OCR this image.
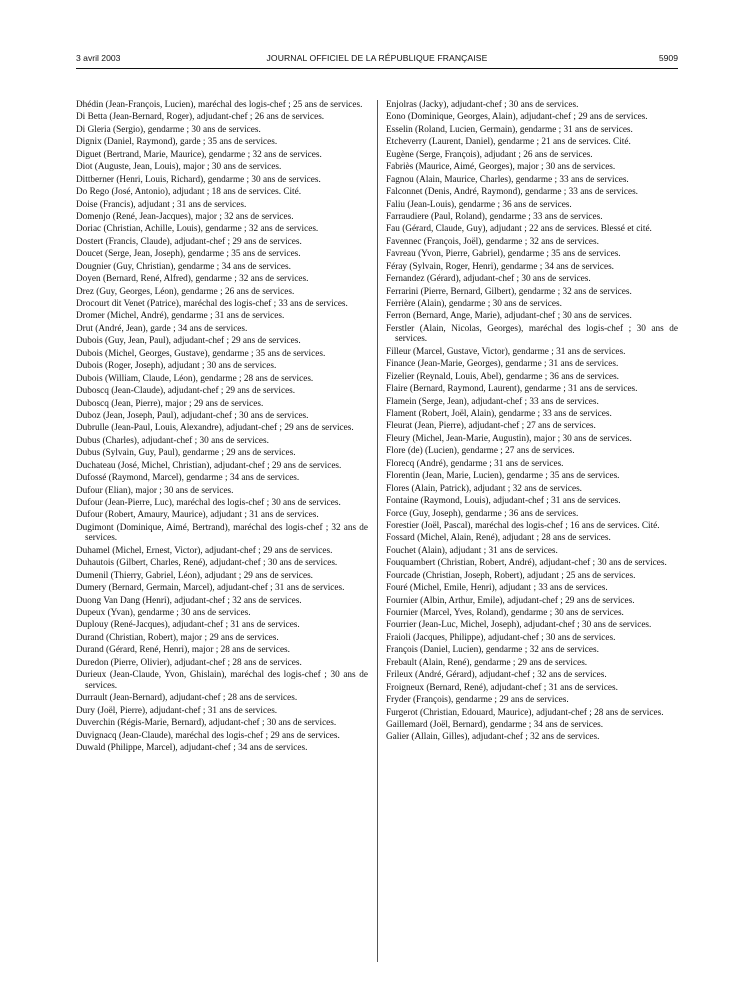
3 avril 2003	JOURNAL OFFICIEL DE LA RÉPUBLIQUE FRANÇAISE	5909

Dhédin (Jean-François, Lucien), maréchal des logis-chef ; 25 ans de services.

Di Betta (Jean-Bernard, Roger), adjudant-chef ; 26 ans de services.

Di Gleria (Sergio), gendarme ; 30 ans de services.

Dignix (Daniel, Raymond), garde ; 35 ans de services.

Diguet (Bertrand, Marie, Maurice), gendarme ; 32 ans de services.

Diot (Auguste, Jean, Louis), major ; 30 ans de services.

Dittberner (Henri, Louis, Richard), gendarme ; 30 ans de services.

Do Rego (José, Antonio), adjudant ; 18 ans de services. Cité.

Doise (Francis), adjudant ; 31 ans de services.

Domenjo (René, Jean-Jacques), major ; 32 ans de services.

Doriac (Christian, Achille, Louis), gendarme ; 32 ans de services.

Dostert (Francis, Claude), adjudant-chef ; 29 ans de services.

Doucet (Serge, Jean, Joseph), gendarme ; 35 ans de services.

Dougnier (Guy, Christian), gendarme ; 34 ans de services.

Doyen (Bernard, René, Alfred), gendarme ; 32 ans de services.

Drez (Guy, Georges, Léon), gendarme ; 26 ans de services.

Drocourt dit Venet (Patrice), maréchal des logis-chef ; 33 ans de services.

Dromer (Michel, André), gendarme ; 31 ans de services.

Drut (André, Jean), garde ; 34 ans de services.

Dubois (Guy, Jean, Paul), adjudant-chef ; 29 ans de services.

Dubois (Michel, Georges, Gustave), gendarme ; 35 ans de services.

Dubois (Roger, Joseph), adjudant ; 30 ans de services.

Dubois (William, Claude, Léon), gendarme ; 28 ans de services.

Duboscq (Jean-Claude), adjudant-chef ; 29 ans de services.

Duboscq (Jean, Pierre), major ; 29 ans de services.

Duboz (Jean, Joseph, Paul), adjudant-chef ; 30 ans de services.

Dubrulle (Jean-Paul, Louis, Alexandre), adjudant-chef ; 29 ans de services.

Dubus (Charles), adjudant-chef ; 30 ans de services.

Dubus (Sylvain, Guy, Paul), gendarme ; 29 ans de services.

Duchateau (José, Michel, Christian), adjudant-chef ; 29 ans de services.

Dufossé (Raymond, Marcel), gendarme ; 34 ans de services.

Dufour (Elian), major ; 30 ans de services.

Dufour (Jean-Pierre, Luc), maréchal des logis-chef ; 30 ans de services.

Dufour (Robert, Amaury, Maurice), adjudant ; 31 ans de services.

Dugimont (Dominique, Aimé, Bertrand), maréchal des logis-chef ; 32 ans de services.

Duhamel (Michel, Ernest, Victor), adjudant-chef ; 29 ans de services.

Duhautois (Gilbert, Charles, René), adjudant-chef ; 30 ans de services.

Dumenil (Thierry, Gabriel, Léon), adjudant ; 29 ans de services.

Dumery (Bernard, Germain, Marcel), adjudant-chef ; 31 ans de services.

Duong Van Dang (Henri), adjudant-chef ; 32 ans de services.

Dupeux (Yvan), gendarme ; 30 ans de services.

Duplouy (René-Jacques), adjudant-chef ; 31 ans de services.

Durand (Christian, Robert), major ; 29 ans de services.

Durand (Gérard, René, Henri), major ; 28 ans de services.

Duredon (Pierre, Olivier), adjudant-chef ; 28 ans de services.

Durieux (Jean-Claude, Yvon, Ghislain), maréchal des logis-chef ; 30 ans de services.

Durrault (Jean-Bernard), adjudant-chef ; 28 ans de services.

Dury (Joël, Pierre), adjudant-chef ; 31 ans de services.

Duverchin (Régis-Marie, Bernard), adjudant-chef ; 30 ans de services.

Duvignacq (Jean-Claude), maréchal des logis-chef ; 29 ans de services.

Duwald (Philippe, Marcel), adjudant-chef ; 34 ans de services.

Enjolras (Jacky), adjudant-chef ; 30 ans de services.

Eono (Dominique, Georges, Alain), adjudant-chef ; 29 ans de services.

Esselin (Roland, Lucien, Germain), gendarme ; 31 ans de services.

Etcheverry (Laurent, Daniel), gendarme ; 21 ans de services. Cité.

Eugène (Serge, François), adjudant ; 26 ans de services.

Fabriès (Maurice, Aimé, Georges), major ; 30 ans de services.

Fagnou (Alain, Maurice, Charles), gendarme ; 33 ans de services.

Falconnet (Denis, André, Raymond), gendarme ; 33 ans de services.

Faliu (Jean-Louis), gendarme ; 36 ans de services.

Farraudiere (Paul, Roland), gendarme ; 33 ans de services.

Fau (Gérard, Claude, Guy), adjudant ; 22 ans de services. Blessé et cité.

Favennec (François, Joël), gendarme ; 32 ans de services.

Favreau (Yvon, Pierre, Gabriel), gendarme ; 35 ans de services.

Féray (Sylvain, Roger, Henri), gendarme ; 34 ans de services.

Fernandez (Gérard), adjudant-chef ; 30 ans de services.

Ferrarini (Pierre, Bernard, Gilbert), gendarme ; 32 ans de services.

Ferrière (Alain), gendarme ; 30 ans de services.

Ferron (Bernard, Ange, Marie), adjudant-chef ; 30 ans de services.

Ferstler (Alain, Nicolas, Georges), maréchal des logis-chef ; 30 ans de services.

Filleur (Marcel, Gustave, Victor), gendarme ; 31 ans de services.

Finance (Jean-Marie, Georges), gendarme ; 31 ans de services.

Fizelier (Reynald, Louis, Abel), gendarme ; 36 ans de services.

Flaire (Bernard, Raymond, Laurent), gendarme ; 31 ans de services.

Flamein (Serge, Jean), adjudant-chef ; 33 ans de services.

Flament (Robert, Joël, Alain), gendarme ; 33 ans de services.

Fleurat (Jean, Pierre), adjudant-chef ; 27 ans de services.

Fleury (Michel, Jean-Marie, Augustin), major ; 30 ans de services.

Flore (de) (Lucien), gendarme ; 27 ans de services.

Florecq (André), gendarme ; 31 ans de services.

Florentin (Jean, Marie, Lucien), gendarme ; 35 ans de services.

Flores (Alain, Patrick), adjudant ; 32 ans de services.

Fontaine (Raymond, Louis), adjudant-chef ; 31 ans de services.

Force (Guy, Joseph), gendarme ; 36 ans de services.

Forestier (Joël, Pascal), maréchal des logis-chef ; 16 ans de services. Cité.

Fossard (Michel, Alain, René), adjudant ; 28 ans de services.

Fouchet (Alain), adjudant ; 31 ans de services.

Fouquambert (Christian, Robert, André), adjudant-chef ; 30 ans de services.

Fourcade (Christian, Joseph, Robert), adjudant ; 25 ans de services.

Fouré (Michel, Emile, Henri), adjudant ; 33 ans de services.

Fournier (Albin, Arthur, Emile), adjudant-chef ; 29 ans de services.

Fournier (Marcel, Yves, Roland), gendarme ; 30 ans de services.

Fourrier (Jean-Luc, Michel, Joseph), adjudant-chef ; 30 ans de services.

Fraioli (Jacques, Philippe), adjudant-chef ; 30 ans de services.

François (Daniel, Lucien), gendarme ; 32 ans de services.

Frebault (Alain, René), gendarme ; 29 ans de services.

Frileux (André, Gérard), adjudant-chef ; 32 ans de services.

Froigneux (Bernard, René), adjudant-chef ; 31 ans de services.

Fryder (François), gendarme ; 29 ans de services.

Furgerot (Christian, Edouard, Maurice), adjudant-chef ; 28 ans de services.

Gaillemard (Joël, Bernard), gendarme ; 34 ans de services.

Galier (Allain, Gilles), adjudant-chef ; 32 ans de services.
